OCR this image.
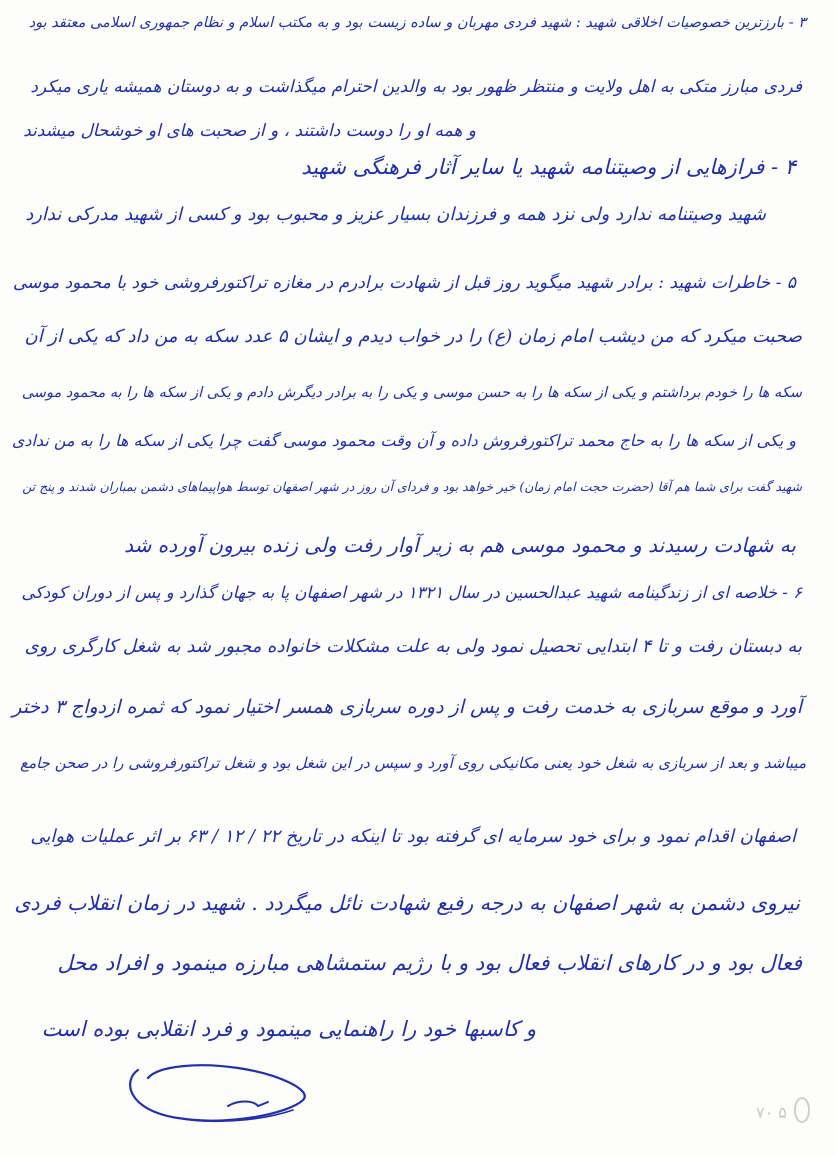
۳ - بارزترین خصوصیات اخلاقی شهید : شهید فردی مهربان و ساده زیست بود و به مکتب اسلام و نظام جمهوری اسلامی معتقد بود
فردی مبارز متکی به اهل ولایت و منتظر ظهور بود به والدین احترام میگذاشت و به دوستان همیشه یاری میکرد
و همه او را دوست داشتند ، و از صحبت های او خوشحال میشدند
۴ - فرازهایی از وصیتنامه شهید یا سایر آثار فرهنگی شهید
شهید وصیتنامه ندارد ولی نزد همه و فرزندان بسیار عزیز و محبوب بود و کسی از شهید مدرکی ندارد
۵ - خاطرات شهید : برادر شهید میگوید روز قبل از شهادت برادرم در مغازه تراکتورفروشی خود با محمود موسی
صحبت میکرد که من دیشب امام زمان (ع) را در خواب دیدم و ایشان ۵ عدد سکه به من داد که یکی از آن
سکه ها را خودم برداشتم و یکی از سکه ها را به حسن موسی و یکی را به برادر دیگرش دادم و یکی از سکه ها را به محمود موسی
و یکی از سکه ها را به حاج محمد تراکتورفروش داده و آن وقت محمود موسی گفت چرا یکی از سکه ها را به من ندادی
شهید گفت برای شما هم آقا (حضرت حجت امام زمان) خیر خواهد بود و فردای آن روز در شهر اصفهان توسط هواپیماهای دشمن بمباران شدند و پنج تن
به شهادت رسیدند و محمود موسی هم به زیر آوار رفت ولی زنده بیرون آورده شد
۶ - خلاصه ای از زندگینامه شهید عبدالحسین در سال ۱۳۲۱ در شهر اصفهان پا به جهان گذارد و پس از دوران کودکی
به دبستان رفت و تا ۴ ابتدایی تحصیل نمود ولی به علت مشکلات خانواده مجبور شد به شغل کارگری روی
آورد و موقع سربازی به خدمت رفت و پس از دوره سربازی همسر اختیار نمود که ثمره ازدواج ۳ دختر
میباشد و بعد از سربازی به شغل خود یعنی مکانیکی روی آورد و سپس در این شغل بود و شغل تراکتورفروشی را در صحن جامع
اصفهان اقدام نمود و برای خود سرمایه ای گرفته بود تا اینکه در تاریخ ۲۲ / ۱۲ / ۶۳ بر اثر عملیات هوایی
نیروی دشمن به شهر اصفهان به درجه رفیع شهادت نائل میگردد . شهید در زمان انقلاب فردی
فعال بود و در کارهای انقلاب فعال بود و با رژیم ستمشاهی مبارزه مینمود و افراد محل
و کاسبها خود را راهنمایی مینمود و فرد انقلابی بوده است
۷۰ ۵
